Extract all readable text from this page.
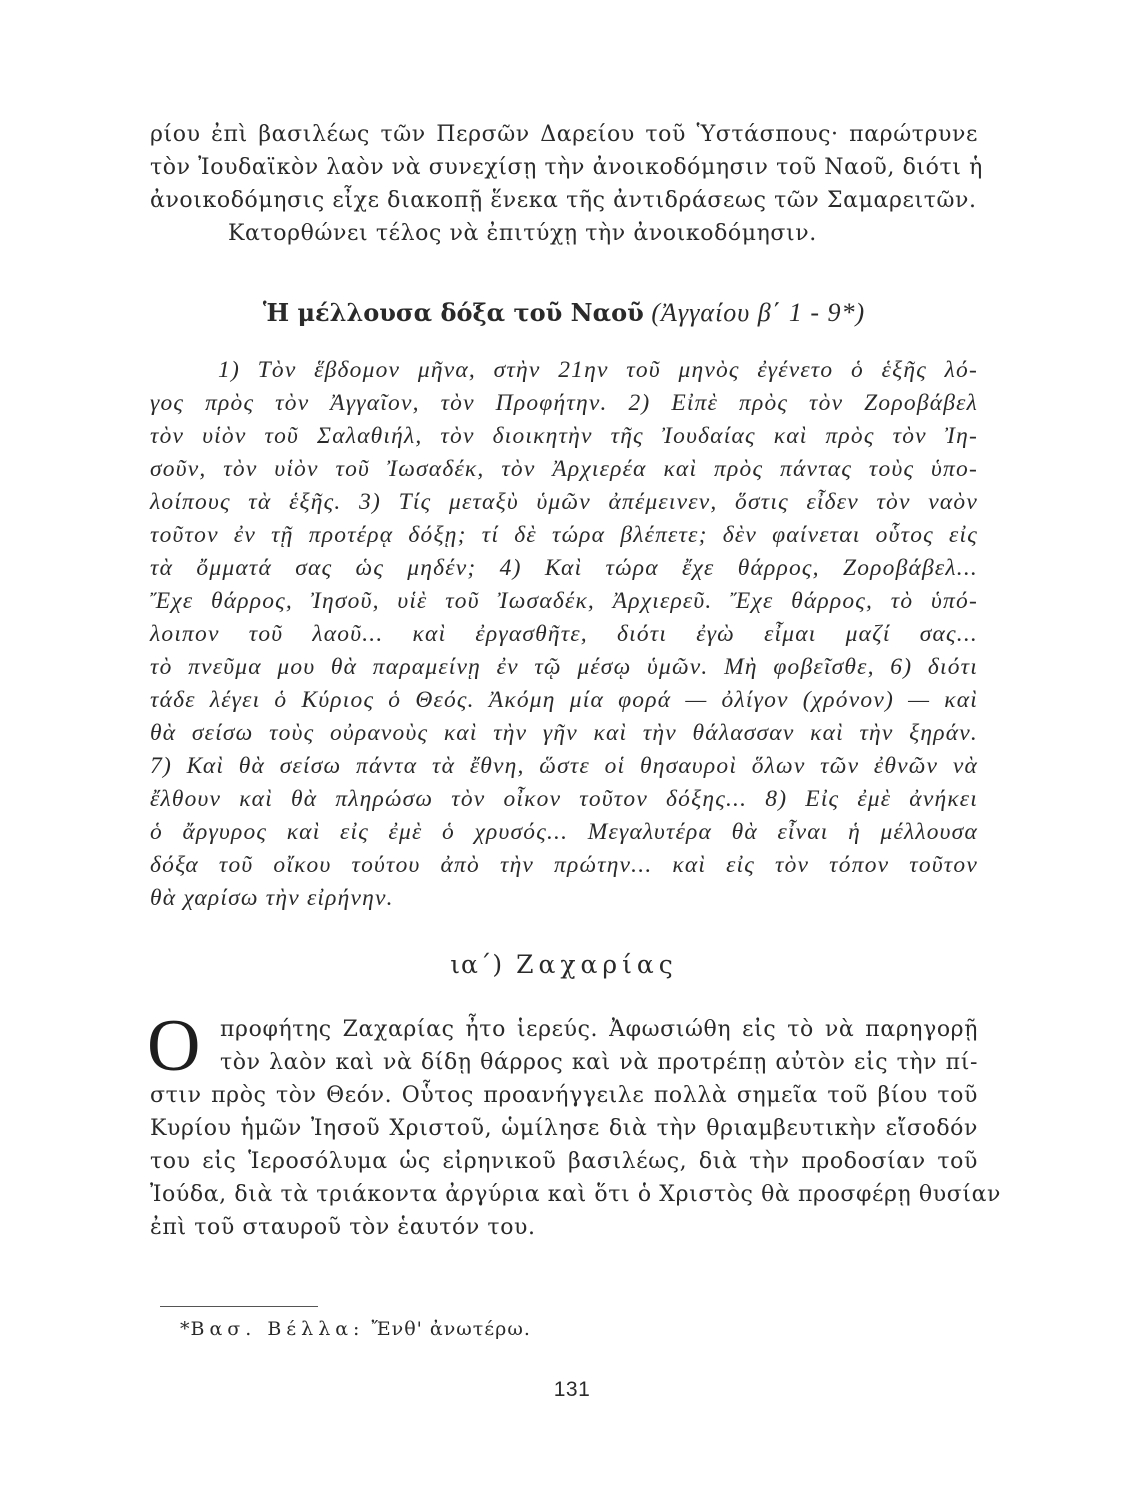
ρίου ἐπὶ βασιλέως τῶν Περσῶν Δαρείου τοῦ Ὑστάσπους· παρώτρυνε
τὸν Ἰουδαϊκὸν λαὸν νὰ συνεχίσῃ τὴν ἀνοικοδόμησιν τοῦ Ναοῦ, διότι ἡ
ἀνοικοδόμησις εἶχε διακοπῇ ἕνεκα τῆς ἀντιδράσεως τῶν Σαμαρειτῶν.
Κατορθώνει τέλος νὰ ἐπιτύχῃ τὴν ἀνοικοδόμησιν.
Ἡ μέλλουσα δόξα τοῦ Ναοῦ (Ἀγγαίου β΄ 1 - 9*)
1) Τὸν ἕβδομον μῆνα, στὴν 21ην τοῦ μηνὸς ἐγένετο ὁ ἑξῆς λό-
γος πρὸς τὸν Ἀγγαῖον, τὸν Προφήτην. 2) Εἰπὲ πρὸς τὸν Ζοροβάβελ
τὸν υἱὸν τοῦ Σαλαθιήλ, τὸν διοικητὴν τῆς Ἰουδαίας καὶ πρὸς τὸν Ἰη-
σοῦν, τὸν υἱὸν τοῦ Ἰωσαδέκ, τὸν Ἀρχιερέα καὶ πρὸς πάντας τοὺς ὑπο-
λοίπους τὰ ἑξῆς. 3) Τίς μεταξὺ ὑμῶν ἀπέμεινεν, ὅστις εἶδεν τὸν ναὸν
τοῦτον ἐν τῇ προτέρᾳ δόξῃ; τί δὲ τώρα βλέπετε; δὲν φαίνεται οὗτος εἰς
τὰ ὄμματά σας ὡς μηδέν; 4) Καὶ τώρα ἔχε θάρρος, Ζοροβάβελ...
Ἔχε θάρρος, Ἰησοῦ, υἱὲ τοῦ Ἰωσαδέκ, Ἀρχιερεῦ. Ἔχε θάρρος, τὸ ὑπό-
λοιπον τοῦ λαοῦ... καὶ ἐργασθῆτε, διότι ἐγὼ εἶμαι μαζί σας...
τὸ πνεῦμα μου θὰ παραμείνῃ ἐν τῷ μέσῳ ὑμῶν. Μὴ φοβεῖσθε, 6) διότι
τάδε λέγει ὁ Κύριος ὁ Θεός. Ἀκόμη μία φορά — ὀλίγον (χρόνον) — καὶ
θὰ σείσω τοὺς οὐρανοὺς καὶ τὴν γῆν καὶ τὴν θάλασσαν καὶ τὴν ξηράν.
7) Καὶ θὰ σείσω πάντα τὰ ἔθνη, ὥστε οἱ θησαυροὶ ὅλων τῶν ἐθνῶν νὰ
ἔλθουν καὶ θὰ πληρώσω τὸν οἶκον τοῦτον δόξης... 8) Εἰς ἐμὲ ἀνήκει
ὁ ἄργυρος καὶ εἰς ἐμὲ ὁ χρυσός... Μεγαλυτέρα θὰ εἶναι ἡ μέλλουσα
δόξα τοῦ οἴκου τούτου ἀπὸ τὴν πρώτην... καὶ εἰς τὸν τόπον τοῦτον
θὰ χαρίσω τὴν εἰρήνην.
ια΄) Ζαχαρίας
Ο προφήτης Ζαχαρίας ἦτο ἱερεύς. Ἀφωσιώθη εἰς τὸ νὰ παρηγορῇ
τὸν λαὸν καὶ νὰ δίδῃ θάρρος καὶ νὰ προτρέπῃ αὐτὸν εἰς τὴν πί-
στιν πρὸς τὸν Θεόν. Οὗτος προανήγγειλε πολλὰ σημεῖα τοῦ βίου τοῦ
Κυρίου ἡμῶν Ἰησοῦ Χριστοῦ, ὡμίλησε διὰ τὴν θριαμβευτικὴν εἴσοδόν
του εἰς Ἱεροσόλυμα ὡς εἰρηνικοῦ βασιλέως, διὰ τὴν προδοσίαν τοῦ
Ἰούδα, διὰ τὰ τριάκοντα ἀργύρια καὶ ὅτι ὁ Χριστὸς θὰ προσφέρῃ θυσίαν
ἐπὶ τοῦ σταυροῦ τὸν ἑαυτόν του.
*Βασ. Βέλλα: Ἔνθ' ἀνωτέρω.
131
